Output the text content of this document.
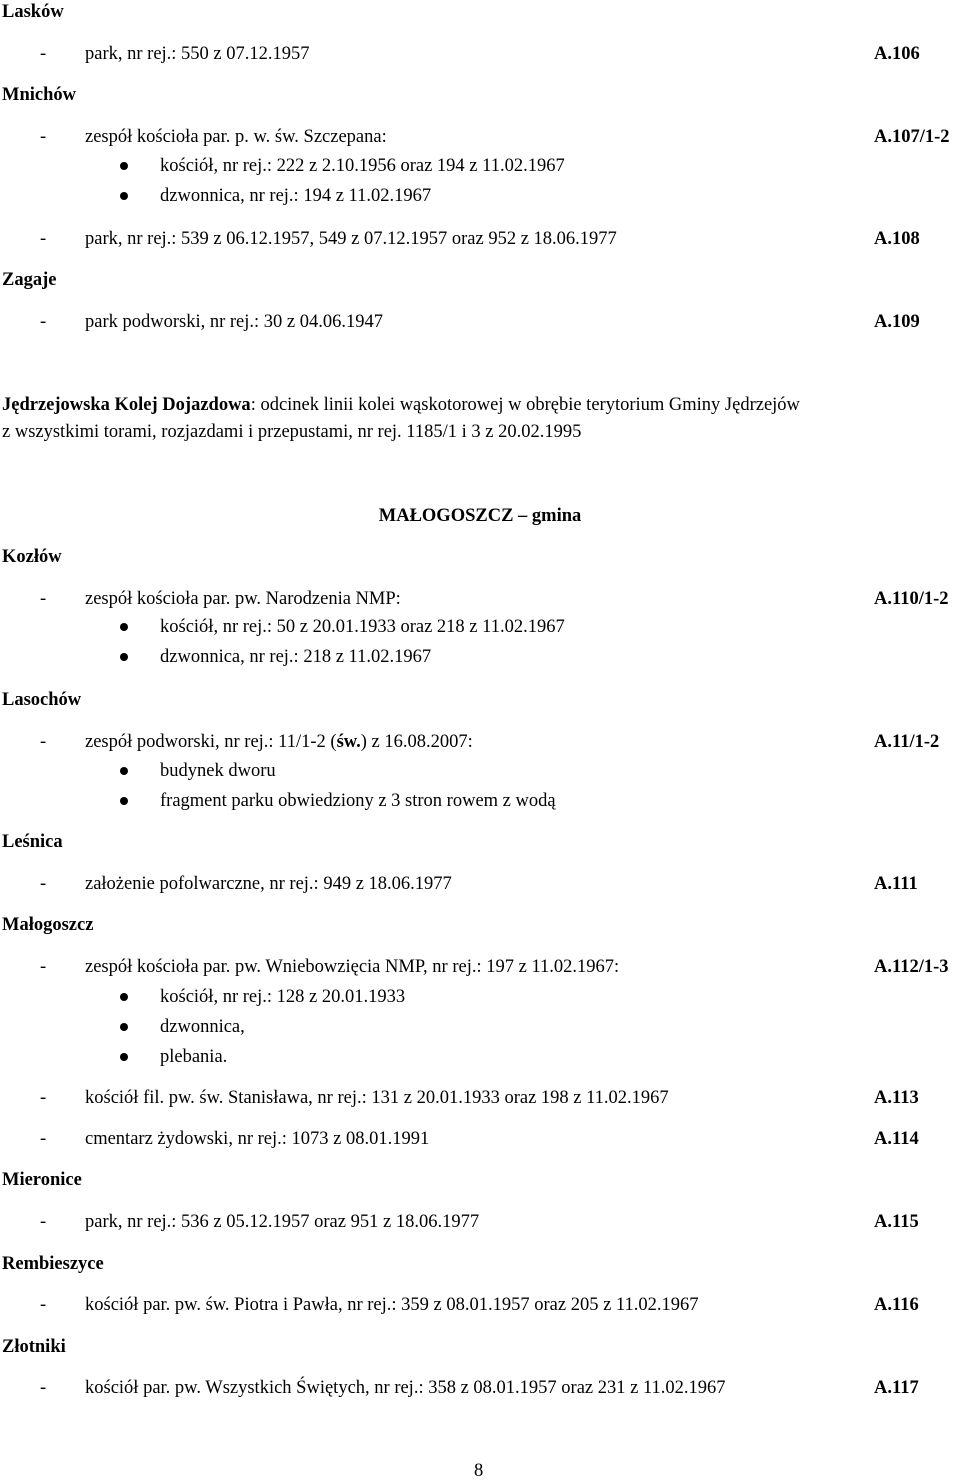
Lasków
- park, nr rej.: 550 z 07.12.1957	A.106
Mnichów
- zespół kościoła par. p. w. św. Szczepana:	A.107/1-2
kościół, nr rej.: 222 z 2.10.1956 oraz 194 z 11.02.1967
dzwonnica, nr rej.: 194 z 11.02.1967
- park, nr rej.: 539 z 06.12.1957, 549 z 07.12.1957 oraz 952 z 18.06.1977	A.108
Zagaje
- park podworski, nr rej.: 30 z 04.06.1947	A.109
Jędrzejowska Kolej Dojazdowa: odcinek linii kolei wąskotorowej w obrębie terytorium Gminy Jędrzejów
z wszystkimi torami, rozjazdami i przepustami, nr rej. 1185/1 i 3 z 20.02.1995
MAŁOGOSZCZ – gmina
Kozłów
- zespół kościoła par. pw. Narodzenia NMP:	A.110/1-2
kościół, nr rej.: 50 z 20.01.1933 oraz 218 z 11.02.1967
dzwonnica, nr rej.: 218 z 11.02.1967
Lasochów
- zespół podworski, nr rej.: 11/1-2 (św.) z 16.08.2007:	A.11/1-2
budynek dworu
fragment parku obwiedziony z 3 stron rowem z wodą
Leśnica
- założenie pofolwarczne, nr rej.: 949 z 18.06.1977	A.111
Małogoszcz
- zespół kościoła par. pw. Wniebowzięcia NMP, nr rej.: 197 z 11.02.1967:	A.112/1-3
kościół, nr rej.: 128 z 20.01.1933
dzwonnica,
plebania.
- kościół fil. pw. św. Stanisława, nr rej.: 131 z 20.01.1933 oraz 198 z 11.02.1967	A.113
- cmentarz żydowski, nr rej.: 1073 z 08.01.1991	A.114
Mieronice
- park, nr rej.: 536 z 05.12.1957 oraz 951 z 18.06.1977	A.115
Rembieszyce
- kościół par. pw. św. Piotra i Pawła, nr rej.: 359 z 08.01.1957 oraz 205 z 11.02.1967	A.116
Złotniki
- kościół par. pw. Wszystkich Świętych, nr rej.: 358 z 08.01.1957 oraz 231 z 11.02.1967	A.117
8
